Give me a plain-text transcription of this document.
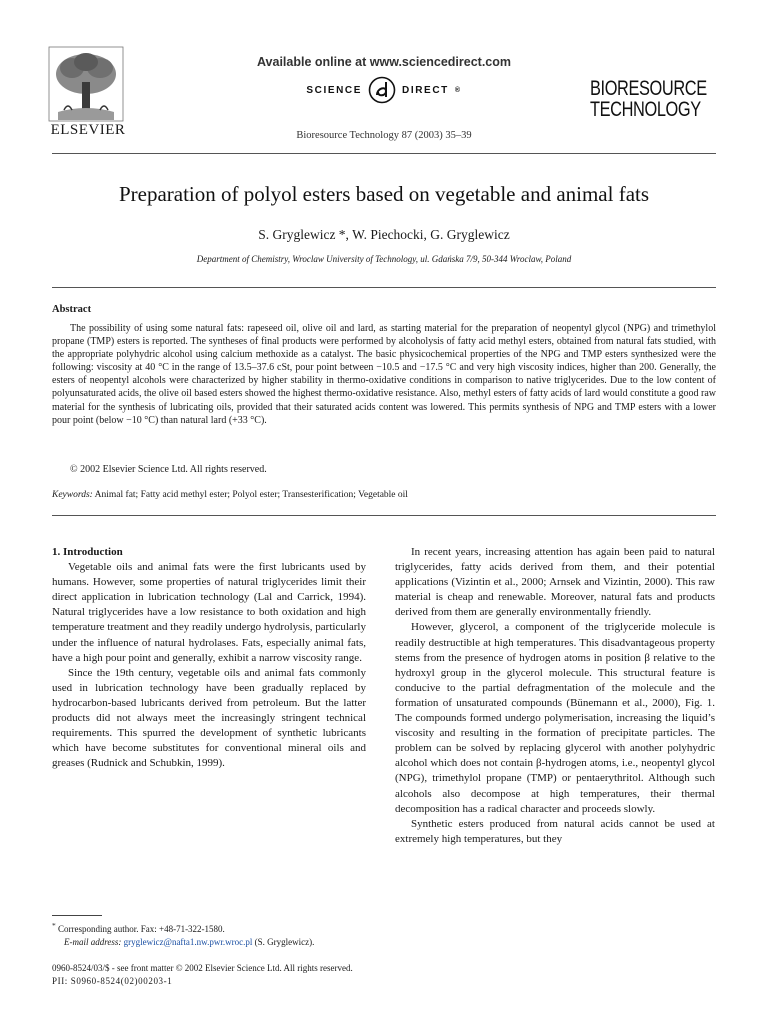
ELSEVIER
Available online at www.sciencedirect.com
SCIENCE	DIRECT ®
Bioresource Technology 87 (2003) 35–39
BIORESOURCE
TECHNOLOGY
Preparation of polyol esters based on vegetable and animal fats
S. Gryglewicz *, W. Piechocki, G. Gryglewicz
Department of Chemistry, Wroclaw University of Technology, ul. Gdańska 7/9, 50-344 Wroclaw, Poland
Abstract
The possibility of using some natural fats: rapeseed oil, olive oil and lard, as starting material for the preparation of neopentyl glycol (NPG) and trimethylol propane (TMP) esters is reported. The syntheses of final products were performed by alcoholysis of fatty acid methyl esters, obtained from natural fats studied, with the appropriate polyhydric alcohol using calcium methoxide as a catalyst. The basic physicochemical properties of the NPG and TMP esters synthesized were the following: viscosity at 40 °C in the range of 13.5–37.6 cSt, pour point between −10.5 and −17.5 °C and very high viscosity indices, higher than 200. Generally, the esters of neopentyl alcohols were characterized by higher stability in thermo-oxidative conditions in comparison to native triglycerides. Due to the low content of polyunsaturated acids, the olive oil based esters showed the highest thermo-oxidative resistance. Also, methyl esters of fatty acids of lard would constitute a good raw material for the synthesis of lubricating oils, provided that their saturated acids content was lowered. This permits synthesis of NPG and TMP esters with a lower pour point (below −10 °C) than natural lard (+33 °C).
© 2002 Elsevier Science Ltd. All rights reserved.
Keywords: Animal fat; Fatty acid methyl ester; Polyol ester; Transesterification; Vegetable oil

1. Introduction

Vegetable oils and animal fats were the first lubricants used by humans. However, some properties of natural triglycerides limit their direct application in lubrication technology (Lal and Carrick, 1994). Natural triglycerides have a low resistance to both oxidation and high temperature treatment and they readily undergo hydrolysis, particularly under the influence of natural hydrolases. Fats, especially animal fats, have a high pour point and generally, exhibit a narrow viscosity range.

Since the 19th century, vegetable oils and animal fats commonly used in lubrication technology have been gradually replaced by hydrocarbon-based lubricants derived from petroleum. But the latter products did not always meet the increasingly stringent technical requirements. This spurred the development of synthetic lubricants which have become substitutes for conventional mineral oils and greases (Rudnick and Schubkin, 1999).

In recent years, increasing attention has again been paid to natural triglycerides, fatty acids derived from them, and their potential applications (Vizintin et al., 2000; Arnsek and Vizintin, 2000). This raw material is cheap and renewable. Moreover, natural fats and products derived from them are generally environmentally friendly.

However, glycerol, a component of the triglyceride molecule is readily destructible at high temperatures. This disadvantageous property stems from the presence of hydrogen atoms in position β relative to the hydroxyl group in the glycerol molecule. This structural feature is conducive to the partial defragmentation of the molecule and the formation of unsaturated compounds (Bünemann et al., 2000), Fig. 1. The compounds formed undergo polymerisation, increasing the liquid’s viscosity and resulting in the formation of precipitate particles. The problem can be solved by replacing glycerol with another polyhydric alcohol which does not contain β-hydrogen atoms, i.e., neopentyl glycol (NPG), trimethylol propane (TMP) or pentaerythritol. Although such alcohols also decompose at high temperatures, their thermal decomposition has a radical character and proceeds slowly.

Synthetic esters produced from natural acids cannot be used at extremely high temperatures, but they

* Corresponding author. Fax: +48-71-322-1580.
E-mail address: gryglewicz@nafta1.nw.pwr.wroc.pl (S. Gryglewicz).
0960-8524/03/$ - see front matter © 2002 Elsevier Science Ltd. All rights reserved.
PII: S0960-8524(02)00203-1
